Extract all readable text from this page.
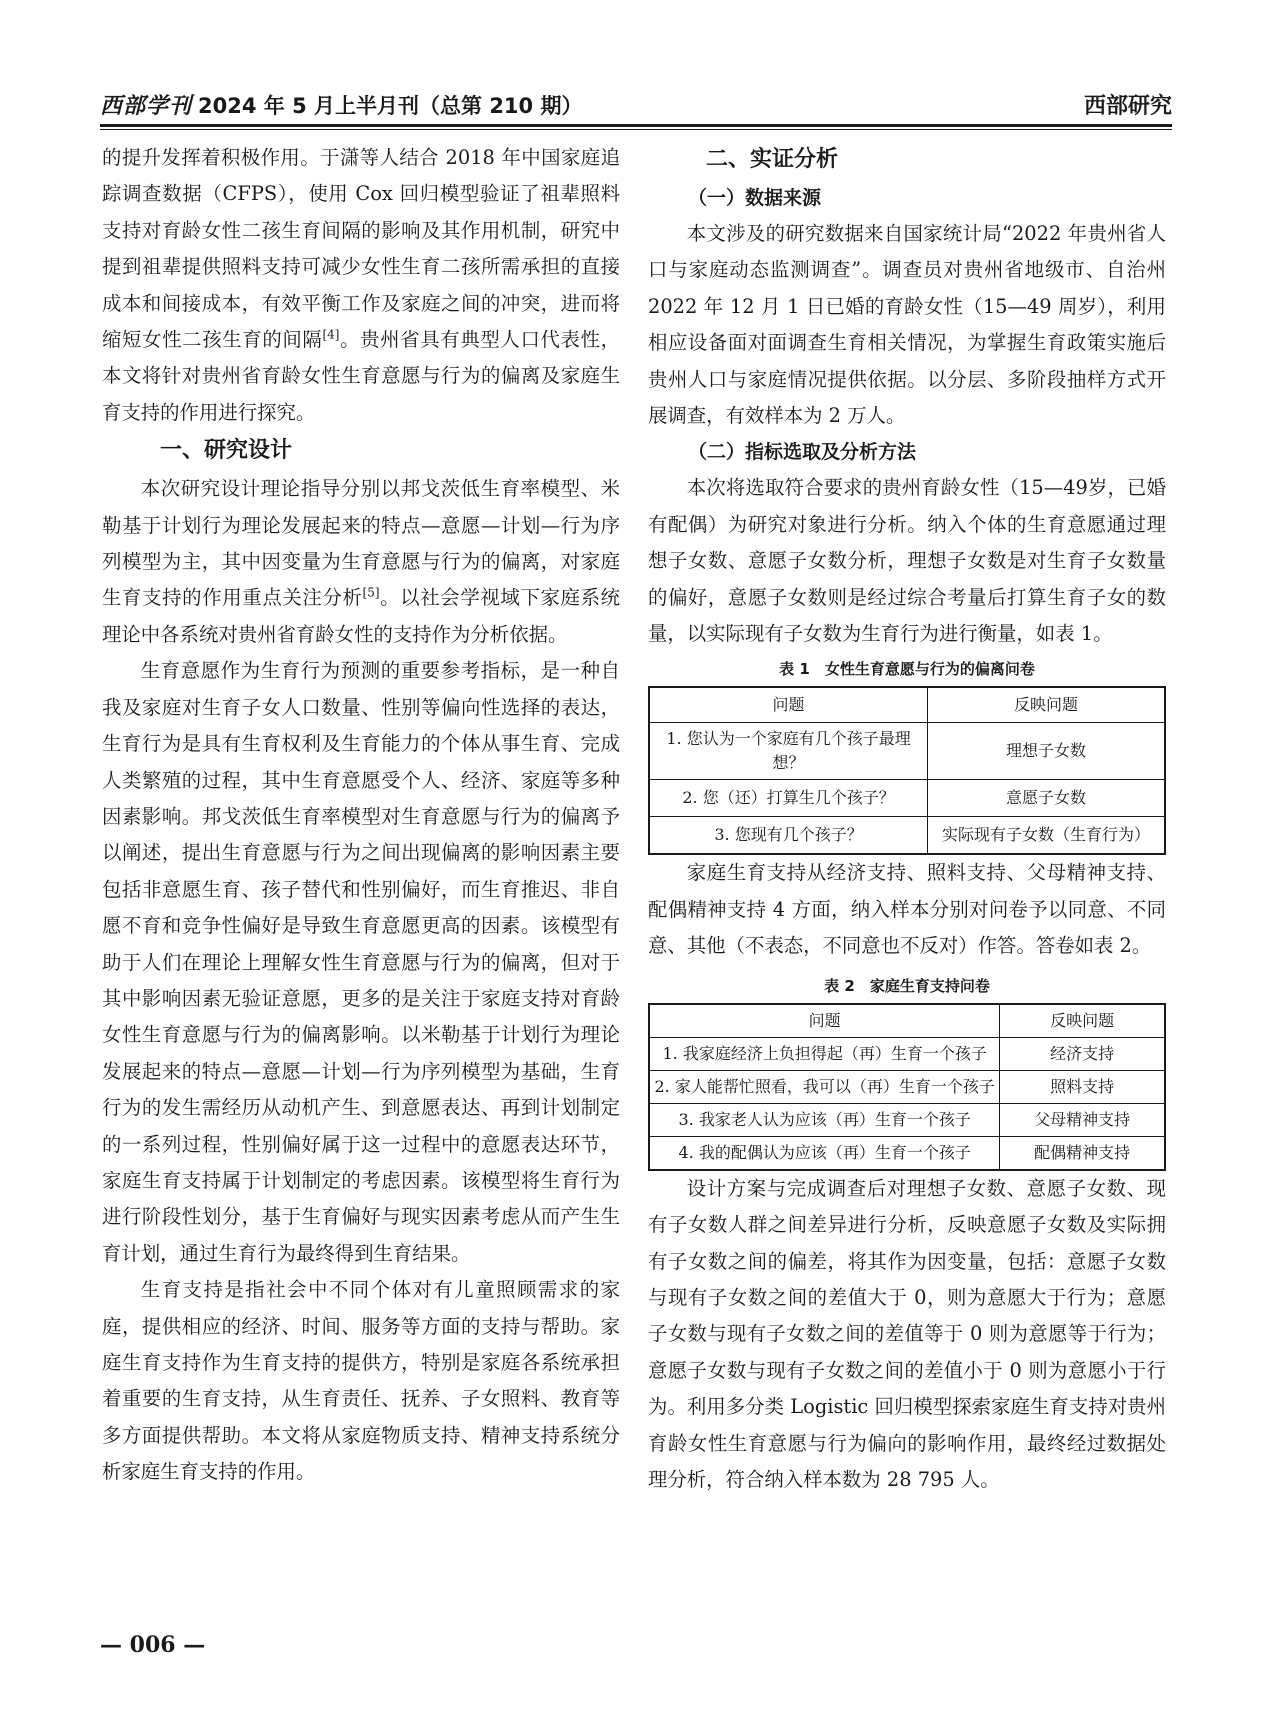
西部学刊 2024 年 5 月上半月刊（总第 210 期）	西部研究

的提升发挥着积极作用。于潇等人结合 2018 年中国家庭追踪调查数据（CFPS），使用 Cox 回归模型验证了祖辈照料支持对育龄女性二孩生育间隔的影响及其作用机制，研究中提到祖辈提供照料支持可减少女性生育二孩所需承担的直接成本和间接成本，有效平衡工作及家庭之间的冲突，进而将缩短女性二孩生育的间隔[4]。贵州省具有典型人口代表性，本文将针对贵州省育龄女性生育意愿与行为的偏离及家庭生育支持的作用进行探究。

一、研究设计

本次研究设计理论指导分别以邦戈茨低生育率模型、米勒基于计划行为理论发展起来的特点—意愿—计划—行为序列模型为主，其中因变量为生育意愿与行为的偏离，对家庭生育支持的作用重点关注分析[5]。以社会学视域下家庭系统理论中各系统对贵州省育龄女性的支持作为分析依据。

生育意愿作为生育行为预测的重要参考指标，是一种自我及家庭对生育子女人口数量、性别等偏向性选择的表达，生育行为是具有生育权利及生育能力的个体从事生育、完成人类繁殖的过程，其中生育意愿受个人、经济、家庭等多种因素影响。邦戈茨低生育率模型对生育意愿与行为的偏离予以阐述，提出生育意愿与行为之间出现偏离的影响因素主要包括非意愿生育、孩子替代和性别偏好，而生育推迟、非自愿不育和竞争性偏好是导致生育意愿更高的因素。该模型有助于人们在理论上理解女性生育意愿与行为的偏离，但对于其中影响因素无验证意愿，更多的是关注于家庭支持对育龄女性生育意愿与行为的偏离影响。以米勒基于计划行为理论发展起来的特点—意愿—计划—行为序列模型为基础，生育行为的发生需经历从动机产生、到意愿表达、再到计划制定的一系列过程，性别偏好属于这一过程中的意愿表达环节，家庭生育支持属于计划制定的考虑因素。该模型将生育行为进行阶段性划分，基于生育偏好与现实因素考虑从而产生生育计划，通过生育行为最终得到生育结果。

生育支持是指社会中不同个体对有儿童照顾需求的家庭，提供相应的经济、时间、服务等方面的支持与帮助。家庭生育支持作为生育支持的提供方，特别是家庭各系统承担着重要的生育支持，从生育责任、抚养、子女照料、教育等多方面提供帮助。本文将从家庭物质支持、精神支持系统分析家庭生育支持的作用。

二、实证分析
（一）数据来源

本文涉及的研究数据来自国家统计局“2022 年贵州省人口与家庭动态监测调查”。调查员对贵州省地级市、自治州 2022 年 12 月 1 日已婚的育龄女性（15—49 周岁），利用相应设备面对面调查生育相关情况，为掌握生育政策实施后贵州人口与家庭情况提供依据。以分层、多阶段抽样方式开展调查，有效样本为 2 万人。

（二）指标选取及分析方法

本次将选取符合要求的贵州育龄女性（15—49岁，已婚有配偶）为研究对象进行分析。纳入个体的生育意愿通过理想子女数、意愿子女数分析，理想子女数是对生育子女数量的偏好，意愿子女数则是经过综合考量后打算生育子女的数量，以实际现有子女数为生育行为进行衡量，如表 1。

表 1　女性生育意愿与行为的偏离问卷
问题	反映问题
1. 您认为一个家庭有几个孩子最理想？	理想子女数
2. 您（还）打算生几个孩子？	意愿子女数
3. 您现有几个孩子？	实际现有子女数（生育行为）

家庭生育支持从经济支持、照料支持、父母精神支持、配偶精神支持 4 方面，纳入样本分别对问卷予以同意、不同意、其他（不表态，不同意也不反对）作答。答卷如表 2。

表 2　家庭生育支持问卷
问题	反映问题
1. 我家庭经济上负担得起（再）生育一个孩子	经济支持
2. 家人能帮忙照看，我可以（再）生育一个孩子	照料支持
3. 我家老人认为应该（再）生育一个孩子	父母精神支持
4. 我的配偶认为应该（再）生育一个孩子	配偶精神支持

设计方案与完成调查后对理想子女数、意愿子女数、现有子女数人群之间差异进行分析，反映意愿子女数及实际拥有子女数之间的偏差，将其作为因变量，包括：意愿子女数与现有子女数之间的差值大于 0，则为意愿大于行为；意愿子女数与现有子女数之间的差值等于 0 则为意愿等于行为；意愿子女数与现有子女数之间的差值小于 0 则为意愿小于行为。利用多分类 Logistic 回归模型探索家庭生育支持对贵州育龄女性生育意愿与行为偏向的影响作用，最终经过数据处理分析，符合纳入样本数为 28 795 人。

— 006 —
